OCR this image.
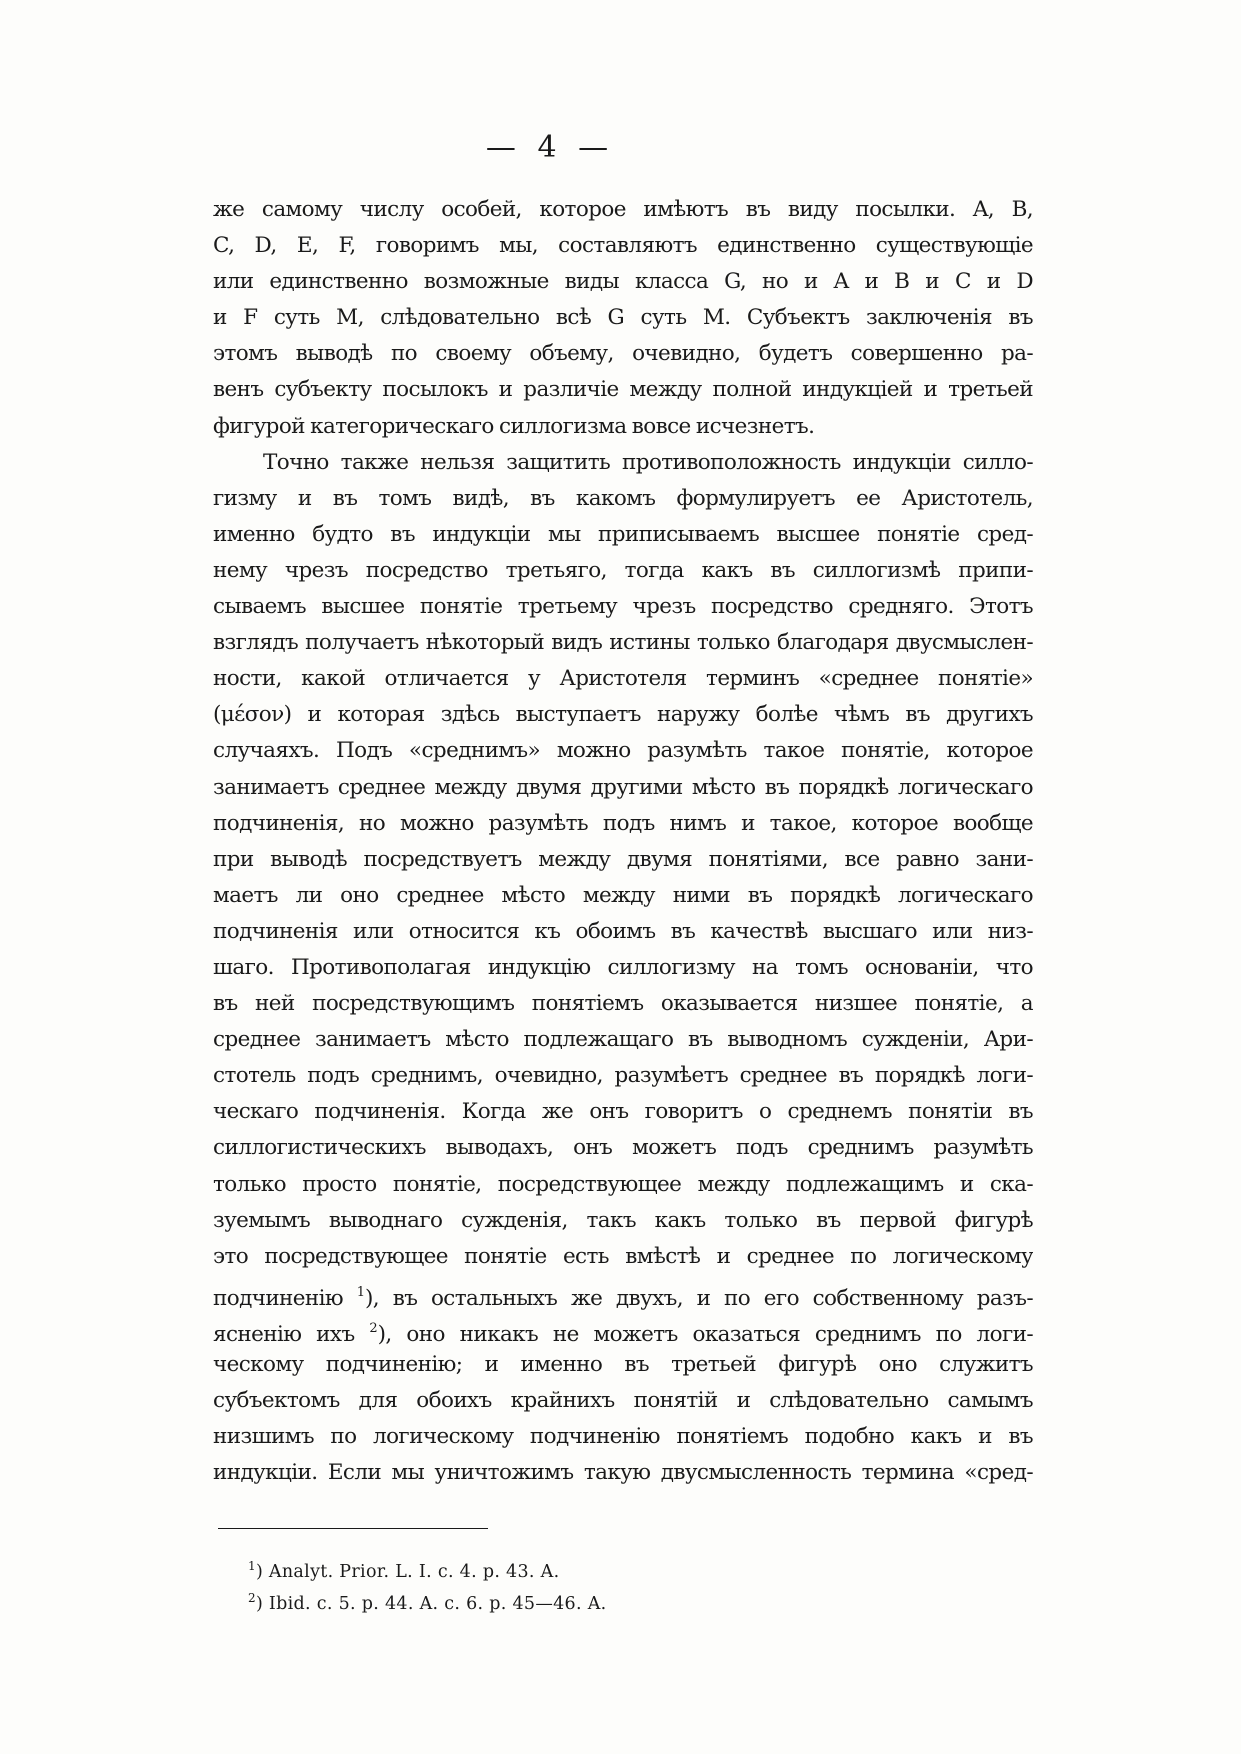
— 4 —
же самому числу особей, которое имѣютъ въ виду посылки. A, B,
C, D, E, F, говоримъ мы, составляютъ единственно существующіе
или единственно возможные виды класса G, но и A и B и C и D
и F суть M, слѣдовательно всѣ G суть M. Субъектъ заключенія въ
этомъ выводѣ по своему объему, очевидно, будетъ совершенно ра-
венъ субъекту посылокъ и различіе между полной индукціей и третьей
фигурой категорическаго силлогизма вовсе исчезнетъ.
Точно также нельзя защитить противоположность индукціи силло-
гизму и въ томъ видѣ, въ какомъ формулируетъ ее Аристотель,
именно будто въ индукціи мы приписываемъ высшее понятіе сред-
нему чрезъ посредство третьяго, тогда какъ въ силлогизмѣ припи-
сываемъ высшее понятіе третьему чрезъ посредство средняго. Этотъ
взглядъ получаетъ нѣкоторый видъ истины только благодаря двусмыслен-
ности, какой отличается у Аристотеля терминъ «среднее понятіе»
(μέσον) и которая здѣсь выступаетъ наружу болѣе чѣмъ въ другихъ
случаяхъ. Подъ «среднимъ» можно разумѣть такое понятіе, которое
занимаетъ среднее между двумя другими мѣсто въ порядкѣ логическаго
подчиненія, но можно разумѣть подъ нимъ и такое, которое вообще
при выводѣ посредствуетъ между двумя понятіями, все равно зани-
маетъ ли оно среднее мѣсто между ними въ порядкѣ логическаго
подчиненія или относится къ обоимъ въ качествѣ высшаго или низ-
шаго. Противополагая индукцію силлогизму на томъ основаніи, что
въ ней посредствующимъ понятіемъ оказывается низшее понятіе, а
среднее занимаетъ мѣсто подлежащаго въ выводномъ сужденіи, Ари-
стотель подъ среднимъ, очевидно, разумѣетъ среднее въ порядкѣ логи-
ческаго подчиненія. Когда же онъ говоритъ о среднемъ понятіи въ
силлогистическихъ выводахъ, онъ можетъ подъ среднимъ разумѣть
только просто понятіе, посредствующее между подлежащимъ и ска-
зуемымъ выводнаго сужденія, такъ какъ только въ первой фигурѣ
это посредствующее понятіе есть вмѣстѣ и среднее по логическому
подчиненію $^1$), въ остальныхъ же двухъ, и по его собственному разъ-
ясненію ихъ $^2$), оно никакъ не можетъ оказаться среднимъ по логи-
ческому подчиненію; и именно въ третьей фигурѣ оно служитъ
субъектомъ для обоихъ крайнихъ понятій и слѣдовательно самымъ
низшимъ по логическому подчиненію понятіемъ подобно какъ и въ
индукціи. Если мы уничтожимъ такую двусмысленность термина «сред-
$^1$) Analyt. Prior. L. I. c. 4. p. 43. A.
$^2$) Ibid. c. 5. p. 44. A. c. 6. p. 45—46. A.
